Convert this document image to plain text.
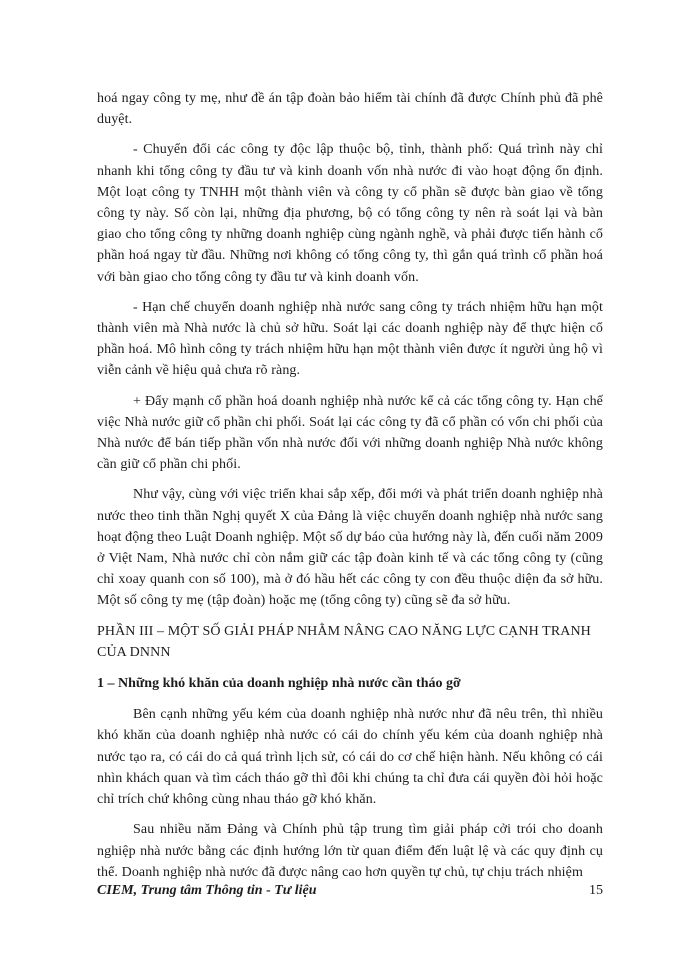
hoá ngay công ty mẹ, như đề án tập đoàn bảo hiểm tài chính đã được Chính phủ đã phê duyệt.

- Chuyển đổi các công ty độc lập thuộc bộ, tỉnh, thành phố: Quá trình này chỉ nhanh khi tổng công ty đầu tư và kinh doanh vốn nhà nước đi vào hoạt động ổn định. Một loạt công ty TNHH một thành viên và công ty cổ phần sẽ được bàn giao về tổng công ty này. Số còn lại, những địa phương, bộ có tổng công ty nên rà soát lại và bàn giao cho tổng công ty những doanh nghiệp cùng ngành nghề, và phải được tiến hành cổ phần hoá ngay từ đầu. Những nơi không có tổng công ty, thì gắn quá trình cổ phần hoá với bàn giao cho tổng công ty đầu tư và kinh doanh vốn.

- Hạn chế chuyển doanh nghiệp nhà nước sang công ty trách nhiệm hữu hạn một thành viên mà Nhà nước là chủ sở hữu. Soát lại các doanh nghiệp này để thực hiện cổ phần hoá. Mô hình công ty trách nhiệm hữu hạn một thành viên được ít người ủng hộ vì viễn cảnh về hiệu quả chưa rõ ràng.

+ Đẩy mạnh cổ phần hoá doanh nghiệp nhà nước kể cả các tổng công ty. Hạn chế việc Nhà nước giữ cổ phần chi phối. Soát lại các công ty đã cổ phần có vốn chi phối của Nhà nước để bán tiếp phần vốn nhà nước đối với những doanh nghiệp Nhà nước không cần giữ cổ phần chi phối.

Như vậy, cùng với việc triển khai sắp xếp, đổi mới và phát triển doanh nghiệp nhà nước theo tinh thần Nghị quyết X của Đảng là việc chuyển doanh nghiệp nhà nước sang hoạt động theo Luật Doanh nghiệp. Một số dự báo của hướng này là, đến cuối năm 2009 ở Việt Nam, Nhà nước chỉ còn nắm giữ các tập đoàn kinh tế và các tổng công ty (cũng chỉ xoay quanh con số 100), mà ở đó hầu hết các công ty con đều thuộc diện đa sở hữu. Một số công ty mẹ (tập đoàn) hoặc mẹ (tổng công ty) cũng sẽ đa sở hữu.

PHẦN III – MỘT SỐ GIẢI PHÁP NHẰM NÂNG CAO NĂNG LỰC CẠNH TRANH CỦA DNNN

1 – Những khó khăn của doanh nghiệp nhà nước cần tháo gỡ

Bên cạnh những yếu kém của doanh nghiệp nhà nước như đã nêu trên, thì nhiều khó khăn của doanh nghiệp nhà nước có cái do chính yếu kém của doanh nghiệp nhà nước tạo ra, có cái do cả quá trình lịch sử, có cái do cơ chế hiện hành. Nếu không có cái nhìn khách quan và tìm cách tháo gỡ thì đôi khi chúng ta chỉ đưa cái quyền đòi hỏi hoặc chỉ trích chứ không cùng nhau tháo gỡ khó khăn.

Sau nhiều năm Đảng và Chính phủ tập trung tìm giải pháp cởi trói cho doanh nghiệp nhà nước bằng các định hướng lớn từ quan điểm đến luật lệ và các quy định cụ thể. Doanh nghiệp nhà nước đã được nâng cao hơn quyền tự chủ, tự chịu trách nhiệm

CIEM, Trung tâm Thông tin - Tư liệu	15
